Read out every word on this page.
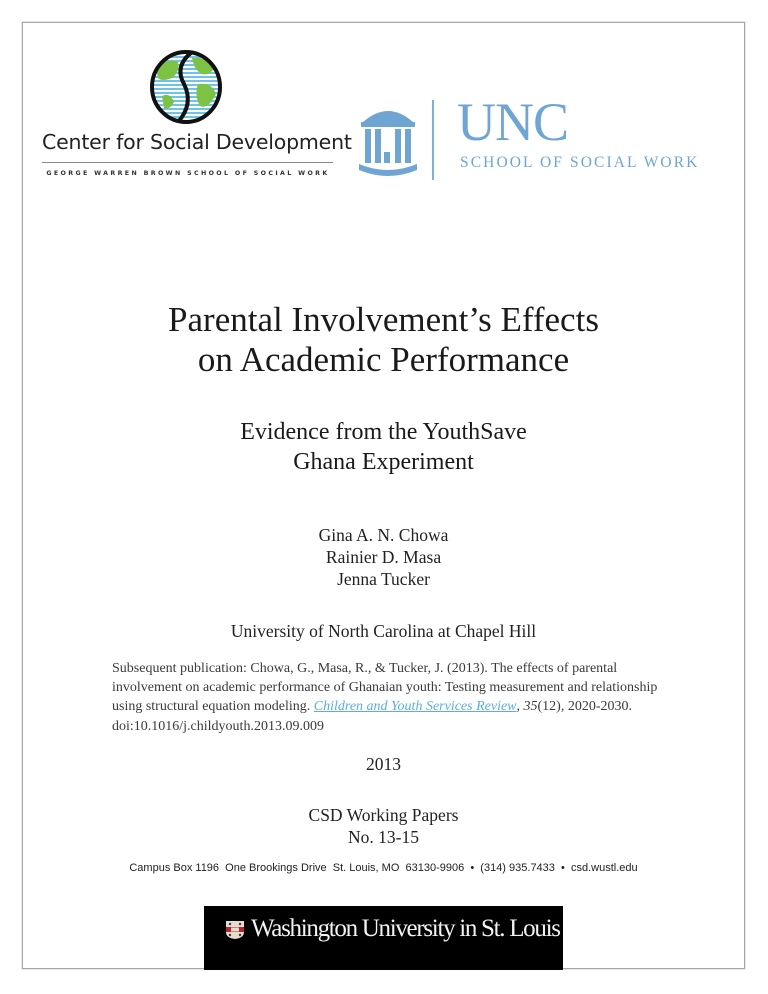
Center for Social Development
GEORGE WARREN BROWN SCHOOL OF SOCIAL WORK
UNC
SCHOOL OF SOCIAL WORK
Parental Involvement’s Effects
on Academic Performance
Evidence from the YouthSave
Ghana Experiment
Gina A. N. Chowa
Rainier D. Masa
Jenna Tucker
University of North Carolina at Chapel Hill
Subsequent publication: Chowa, G., Masa, R., & Tucker, J. (2013). The effects of parental involvement on academic performance of Ghanaian youth: Testing measurement and relationship using structural equation modeling. Children and Youth Services Review, 35(12), 2020-2030. doi:10.1016/j.childyouth.2013.09.009
2013
CSD Working Papers
No. 13-15
Campus Box 1196  One Brookings Drive  St. Louis, MO  63130-9906  •  (314) 935.7433  •  csd.wustl.edu
Washington University in St. Louis
